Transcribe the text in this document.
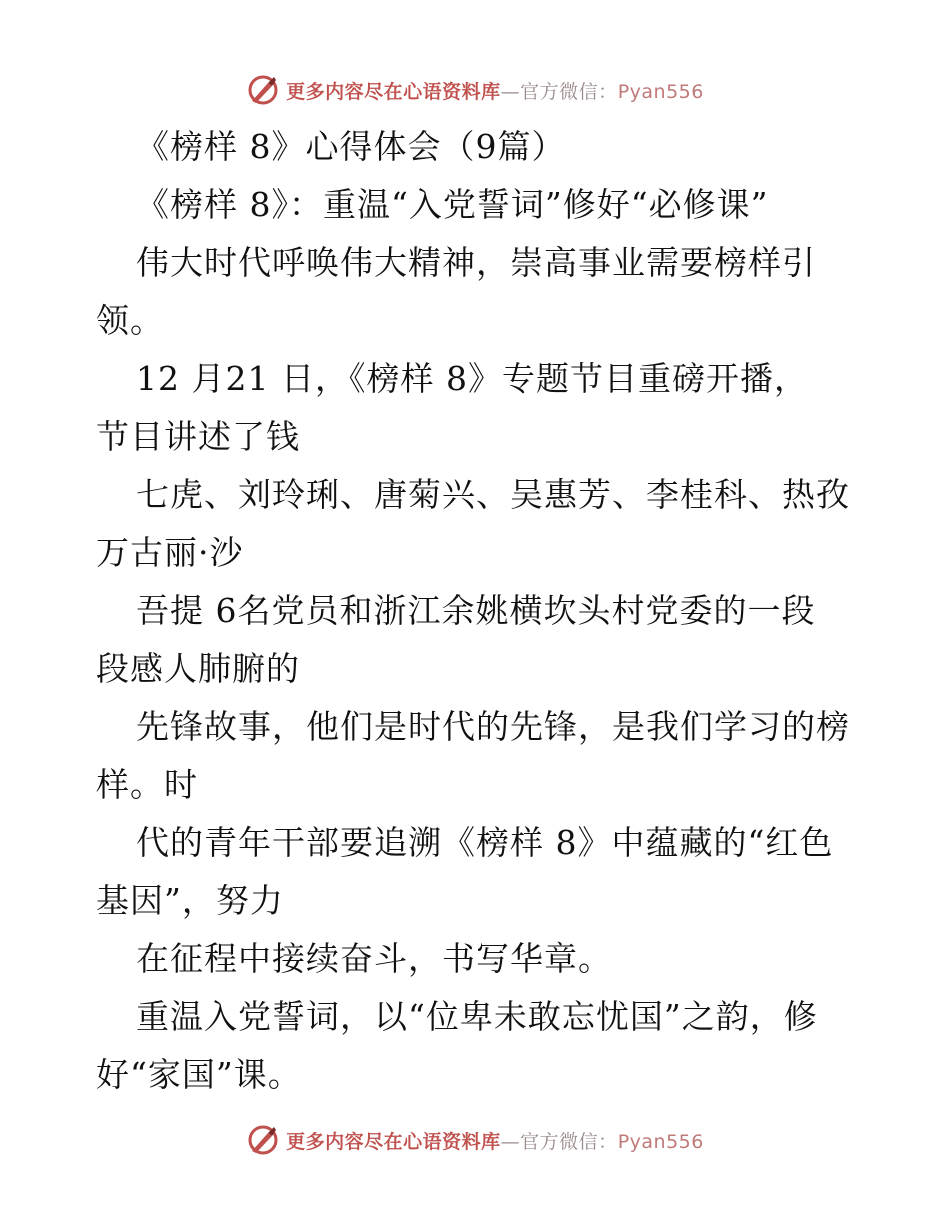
更多内容尽在心语资料库—官方微信：Pyan556
《榜样 8》心得体会（9篇）
《榜样 8》：重温“入党誓词”修好“必修课”
伟大时代呼唤伟大精神，崇高事业需要榜样引
领。
12 月21 日，《榜样 8》专题节目重磅开播，
节目讲述了钱
七虎、刘玲琍、唐菊兴、吴惠芳、李桂科、热孜
万古丽·沙
吾提 6名党员和浙江余姚横坎头村党委的一段
段感人肺腑的
先锋故事，他们是时代的先锋，是我们学习的榜
样。时
代的青年干部要追溯《榜样 8》中蕴藏的“红色
基因”，努力
在征程中接续奋斗，书写华章。
重温入党誓词，以“位卑未敢忘忧国”之韵，修
好“家国”课。
更多内容尽在心语资料库—官方微信：Pyan556
